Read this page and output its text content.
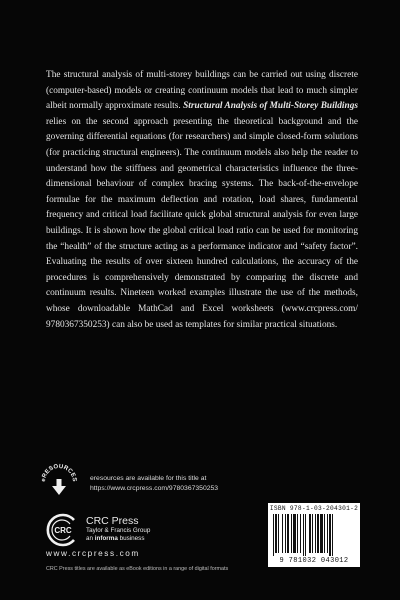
The structural analysis of multi-storey buildings can be carried out using discrete (computer-based) models or creating continuum models that lead to much simpler albeit normally approximate results. Structural Analysis of Multi-Storey Buildings relies on the second approach presenting the theoretical background and the governing differential equations (for researchers) and simple closed-form solutions (for practicing structural engineers). The continuum models also help the reader to understand how the stiffness and geometrical characteristics influence the three-dimensional behaviour of complex bracing systems. The back-of-the-envelope formulae for the maximum deflection and rotation, load shares, fundamental frequency and critical load facilitate quick global structural analysis for even large buildings. It is shown how the global critical load ratio can be used for monitoring the “health” of the structure acting as a performance indicator and “safety factor”. Evaluating the results of over sixteen hundred calculations, the accuracy of the procedures is comprehensively demonstrated by comparing the discrete and continuum results. Nineteen worked examples illustrate the use of the methods, whose downloadable MathCad and Excel worksheets (www.crcpress.com/ 9780367350253) can also be used as templates for similar practical situations.

eRESOURCES eresources are available for this title at
https://www.crcpress.com/9780367350253
CRC
CRC Press
Taylor & Francis Group
an informa business
www.crcpress.com
CRC Press titles are available as eBook editions in a range of digital formats
ISBN 978-1-03-204301-2
9 781032 043012
